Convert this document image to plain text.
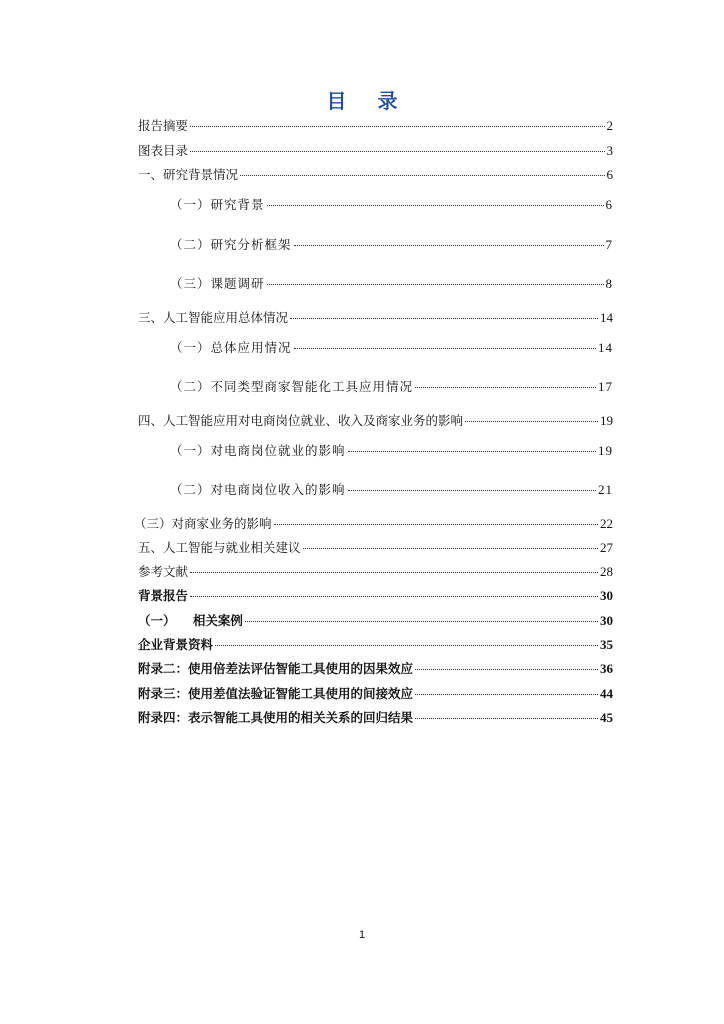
目 录
报告摘要	2
图表目录	3
一、研究背景情况	6
（一）研究背景	6
（二）研究分析框架	7
（三）课题调研	8
三、人工智能应用总体情况	14
（一）总体应用情况	14
（二）不同类型商家智能化工具应用情况	17
四、人工智能应用对电商岗位就业、收入及商家业务的影响	19
（一）对电商岗位就业的影响	19
（二）对电商岗位收入的影响	21
（三）对商家业务的影响	22
五、人工智能与就业相关建议	27
参考文献	28
背景报告	30
（一）    相关案例	30
企业背景资料	35
附录二：使用倍差法评估智能工具使用的因果效应	36
附录三：使用差值法验证智能工具使用的间接效应	44
附录四：表示智能工具使用的相关关系的回归结果	45
1
